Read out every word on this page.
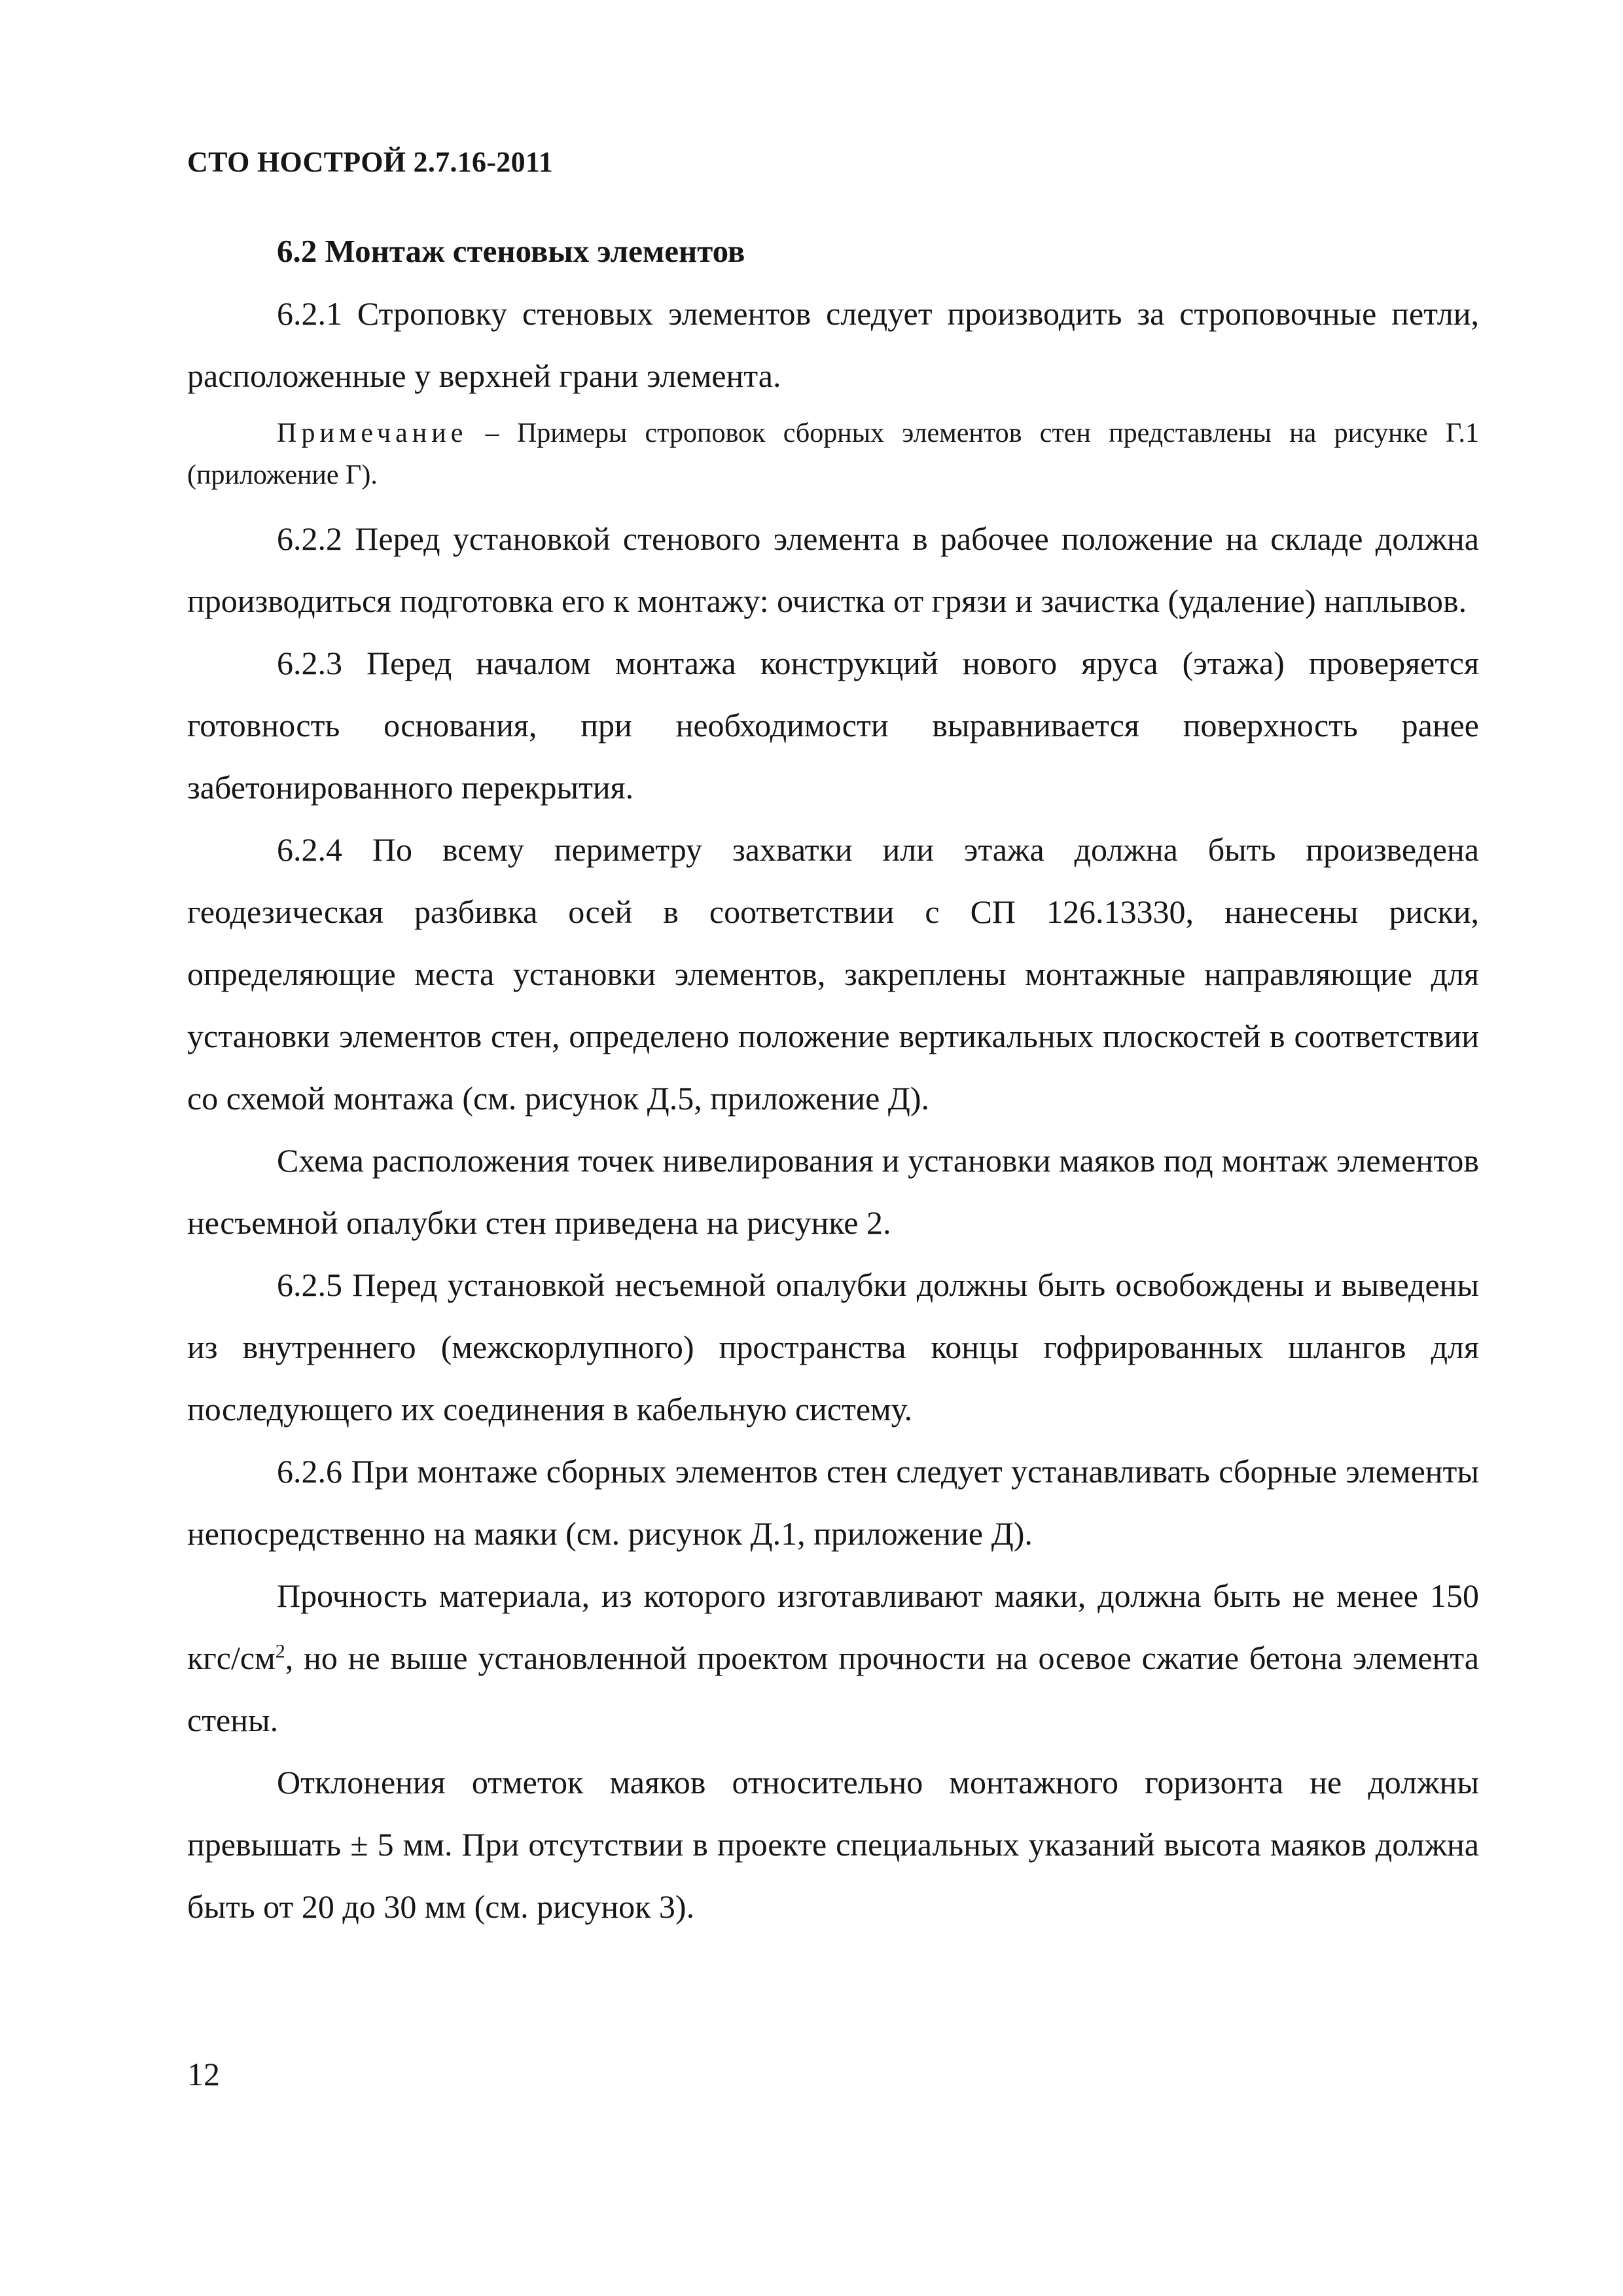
СТО НОСТРОЙ 2.7.16-2011
6.2 Монтаж стеновых элементов

6.2.1 Строповку стеновых элементов следует производить за строповочные петли, расположенные у верхней грани элемента.

Примечание – Примеры строповок сборных элементов стен представлены на рисунке Г.1 (приложение Г).

6.2.2 Перед установкой стенового элемента в рабочее положение на складе должна производиться подготовка его к монтажу: очистка от грязи и зачистка (удаление) наплывов.

6.2.3 Перед началом монтажа конструкций нового яруса (этажа) проверяется готовность основания, при необходимости выравнивается поверхность ранее забетонированного перекрытия.

6.2.4 По всему периметру захватки или этажа должна быть произведена геодезическая разбивка осей в соответствии с СП 126.13330, нанесены риски, определяющие места установки элементов, закреплены монтажные направляющие для установки элементов стен, определено положение вертикальных плоскостей в соответствии со схемой монтажа (см. рисунок Д.5, приложение Д).

Схема расположения точек нивелирования и установки маяков под монтаж элементов несъемной опалубки стен приведена на рисунке 2.

6.2.5 Перед установкой несъемной опалубки должны быть освобождены и выведены из внутреннего (межскорлупного) пространства концы гофрированных шлангов для последующего их соединения в кабельную систему.

6.2.6 При монтаже сборных элементов стен следует устанавливать сборные элементы непосредственно на маяки (см. рисунок Д.1, приложение Д).

Прочность материала, из которого изготавливают маяки, должна быть не менее 150 кгс/$см^2$, но не выше установленной проектом прочности на осевое сжатие бетона элемента стены.

Отклонения отметок маяков относительно монтажного горизонта не должны превышать ± 5 мм. При отсутствии в проекте специальных указаний высота маяков должна быть от 20 до 30 мм (см. рисунок 3).

12
